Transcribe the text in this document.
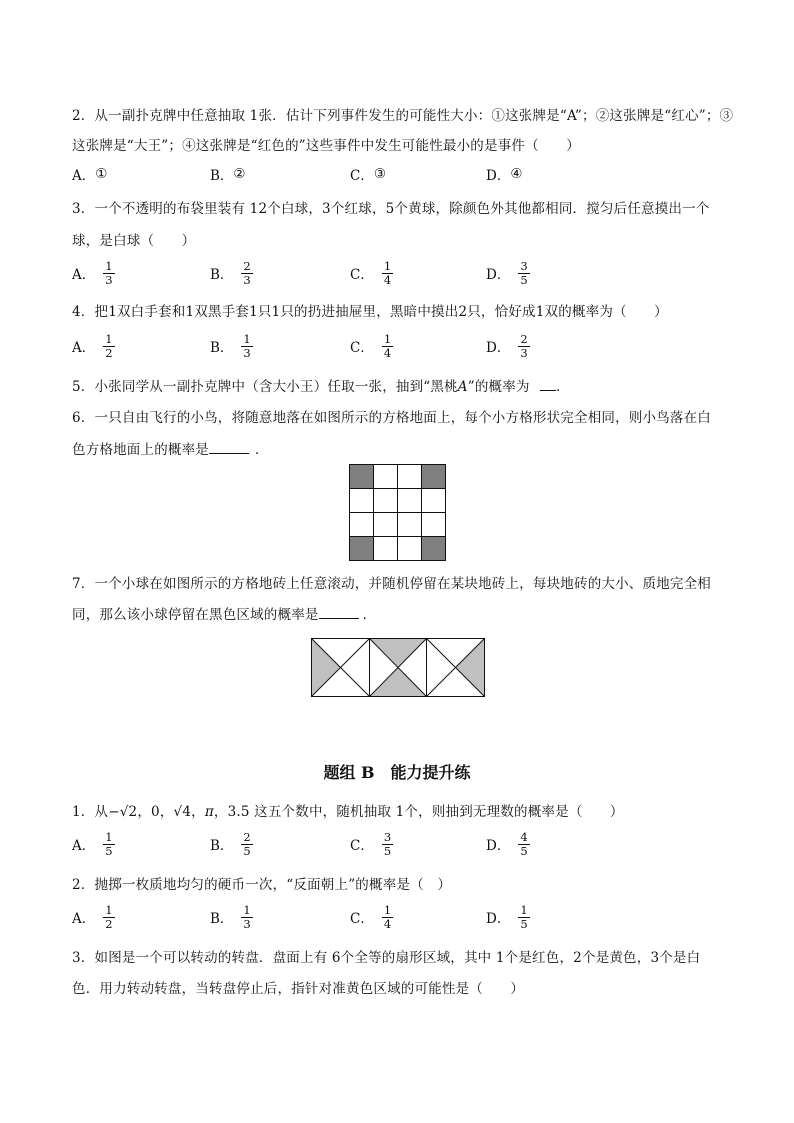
2．从一副扑克牌中任意抽取 1张．估计下列事件发生的可能性大小：①这张牌是“A”；②这张牌是“红心”；③
这张牌是“大王”；④这张牌是“红色的”这些事件中发生可能性最小的是事件（　　）
A． ①	B． ②	C． ③	D． ④
3．一个不透明的布袋里装有 12个白球，3个红球，5个黄球，除颜色外其他都相同．搅匀后任意摸出一个
球，是白球（　　）
A． $\frac{1}{3}$	B． $\frac{2}{3}$	C． $\frac{1}{4}$	D． $\frac{3}{5}$
4．把1双白手套和1双黑手套1只1只的扔进抽屉里，黑暗中摸出2只，恰好成1双的概率为（　　）
A． $\frac{1}{2}$	B． $\frac{1}{3}$	C． $\frac{1}{4}$	D． $\frac{2}{3}$
5．小张同学从一副扑克牌中（含大小王）任取一张，抽到“黑桃A”的概率为 ．
6．一只自由飞行的小鸟，将随意地落在如图所示的方格地面上，每个小方格形状完全相同，则小鸟落在白
色方格地面上的概率是	．
7．一个小球在如图所示的方格地砖上任意滚动，并随机停留在某块地砖上，每块地砖的大小、质地完全相
同，那么该小球停留在黑色区域的概率是	．
题组 B　能力提升练
1．从−√2，0，√4，π，3.5 这五个数中，随机抽取 1个，则抽到无理数的概率是（　　）
A． $\frac{1}{5}$	B． $\frac{2}{5}$	C． $\frac{3}{5}$	D． $\frac{4}{5}$
2．抛掷一枚质地均匀的硬币一次，“反面朝上”的概率是（　）
A． $\frac{1}{2}$	B． $\frac{1}{3}$	C． $\frac{1}{4}$	D． $\frac{1}{5}$
3．如图是一个可以转动的转盘．盘面上有 6个全等的扇形区域，其中 1个是红色，2个是黄色，3个是白
色．用力转动转盘，当转盘停止后，指针对准黄色区域的可能性是（　　）
